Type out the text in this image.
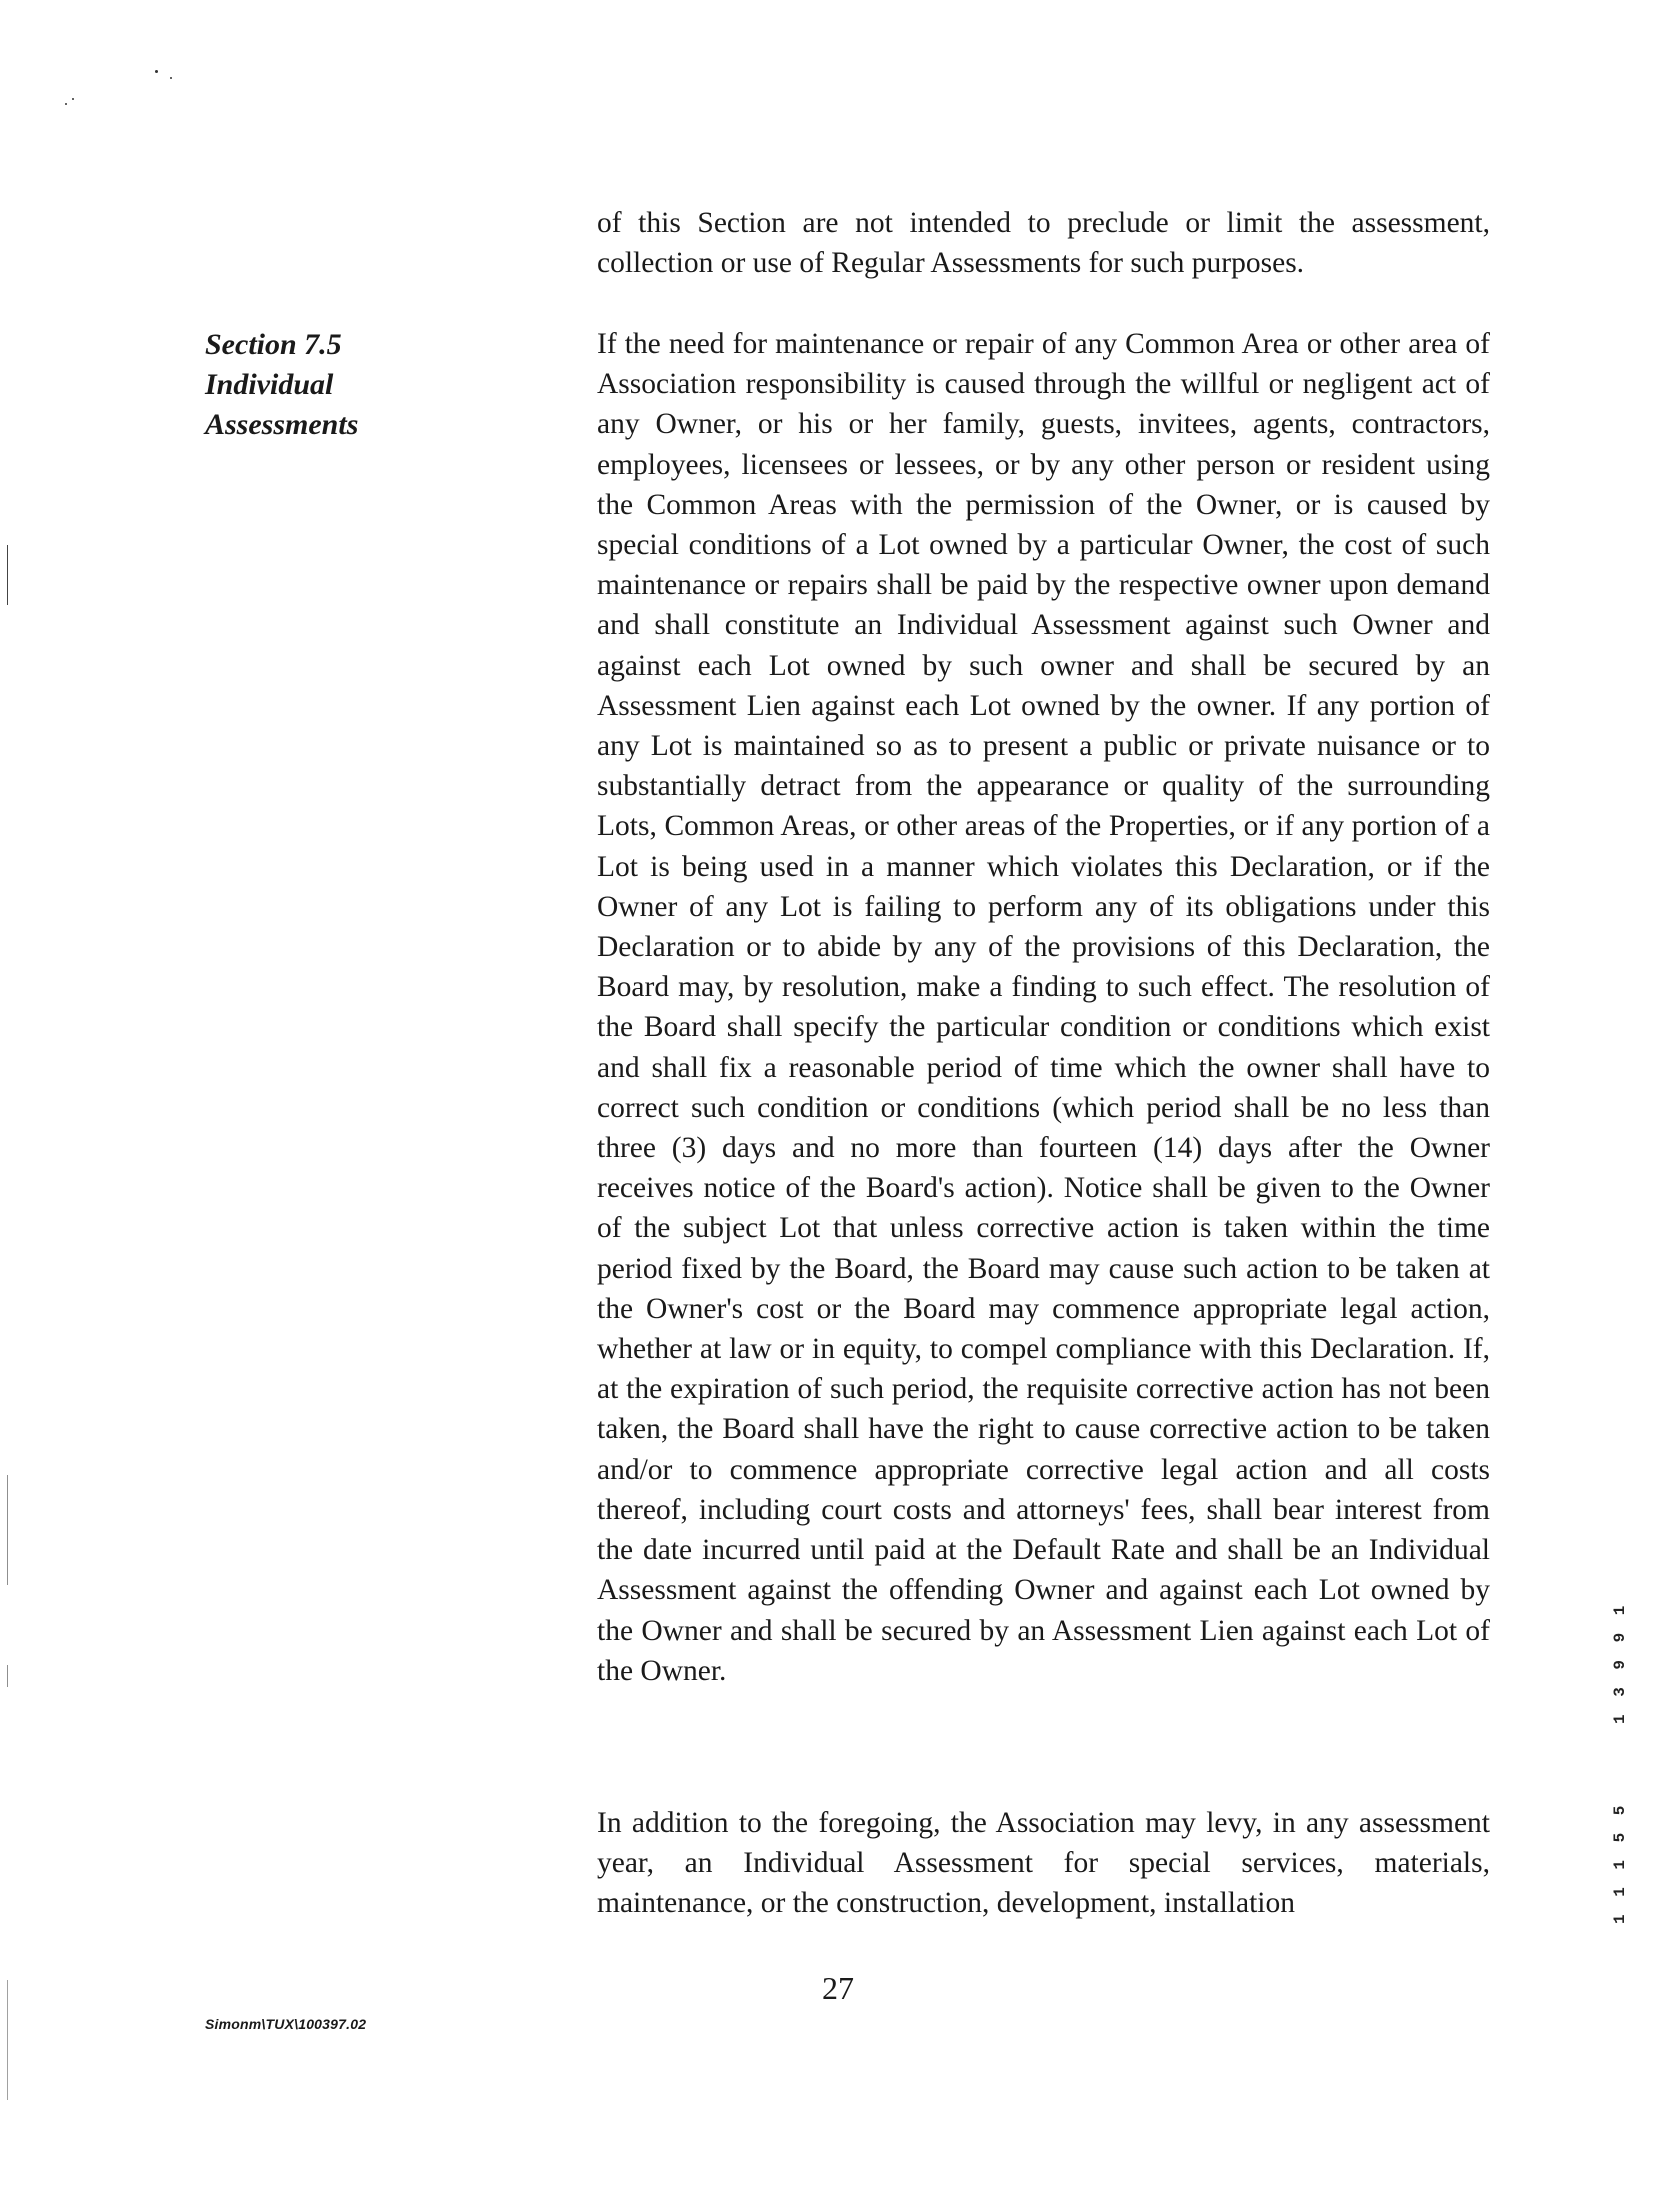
Section 7.5
Individual
Assessments

of this Section are not intended to preclude or limit the assessment, collection or use of Regular Assessments for such purposes.

If the need for maintenance or repair of any Common Area or other area of Association responsibility is caused through the willful or negligent act of any Owner, or his or her family, guests, invitees, agents, contractors, employees, licensees or lessees, or by any other person or resident using the Common Areas with the permission of the Owner, or is caused by special conditions of a Lot owned by a particular Owner, the cost of such maintenance or repairs shall be paid by the respective owner upon demand and shall constitute an Individual Assessment against such Owner and against each Lot owned by such owner and shall be secured by an Assessment Lien against each Lot owned by the owner. If any portion of any Lot is maintained so as to present a public or private nuisance or to substantially detract from the appearance or quality of the surrounding Lots, Common Areas, or other areas of the Properties, or if any portion of a Lot is being used in a manner which violates this Declaration, or if the Owner of any Lot is failing to perform any of its obligations under this Declaration or to abide by any of the provisions of this Declaration, the Board may, by resolution, make a finding to such effect. The resolution of the Board shall specify the particular condition or conditions which exist and shall fix a reasonable period of time which the owner shall have to correct such condition or conditions (which period shall be no less than three (3) days and no more than fourteen (14) days after the Owner receives notice of the Board's action). Notice shall be given to the Owner of the subject Lot that unless corrective action is taken within the time period fixed by the Board, the Board may cause such action to be taken at the Owner's cost or the Board may commence appropriate legal action, whether at law or in equity, to compel compliance with this Declaration. If, at the expiration of such period, the requisite corrective action has not been taken, the Board shall have the right to cause corrective action to be taken and/or to commence appropriate corrective legal action and all costs thereof, including court costs and attorneys' fees, shall bear interest from the date incurred until paid at the Default Rate and shall be an Individual Assessment against the offending Owner and against each Lot owned by the Owner and shall be secured by an Assessment Lien against each Lot of the Owner.

In addition to the foregoing, the Association may levy, in any assessment year, an Individual Assessment for special services, materials, maintenance, or the construction, development, installation

Simonm\TUX\100397.02
27
1 3 9 9 1
1 1 1 5 5
